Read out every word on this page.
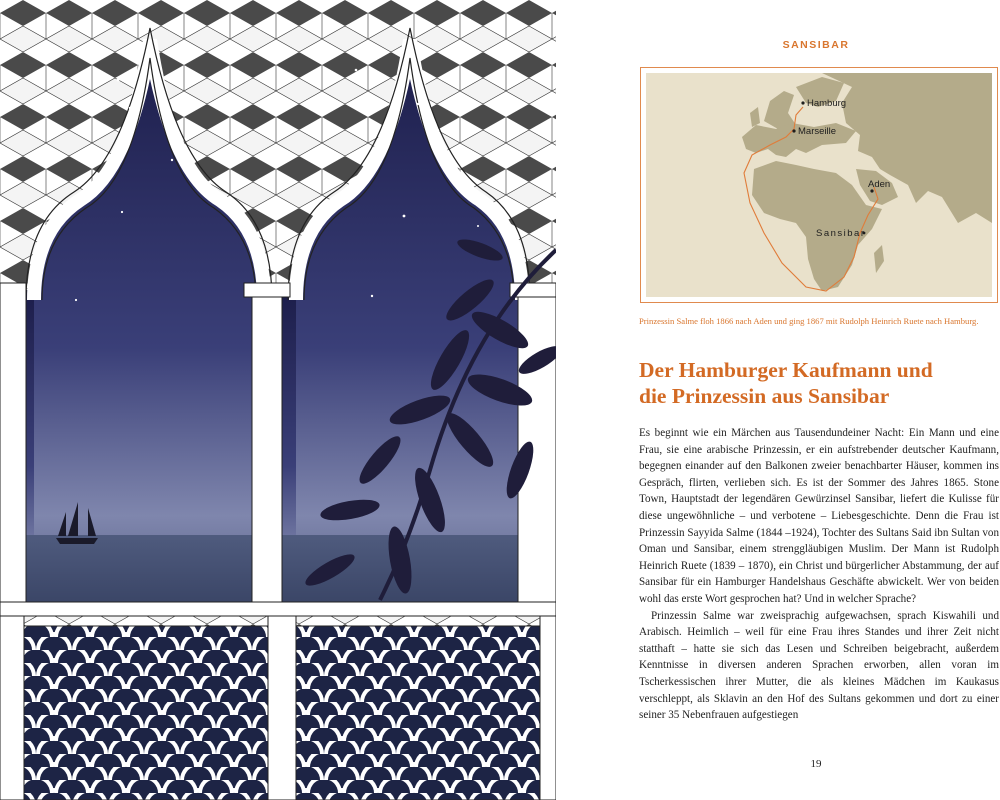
SANSIBAR
Hamburg
Marseille
Aden
Sansibar
Prinzessin Salme floh 1866 nach Aden und ging 1867 mit Rudolph Heinrich Ruete nach Hamburg.
Der Hamburger Kaufmann und
die Prinzessin aus Sansibar

Es beginnt wie ein Märchen aus Tausendundeiner Nacht: Ein Mann und eine Frau, sie eine arabische Prinzessin, er ein aufstrebender deutscher Kaufmann, begegnen einander auf den Balkonen zweier benachbarter Häuser, kommen ins Gespräch, flirten, verlieben sich. Es ist der Sommer des Jahres 1865. Stone Town, Hauptstadt der legendären Gewürzinsel Sansibar, liefert die Kulisse für diese ungewöhnliche – und verbotene – Liebesgeschichte. Denn die Frau ist Prinzessin Sayyida Salme (1844 –1924), Tochter des Sultans Said ibn Sultan von Oman und Sansibar, einem strenggläubigen Muslim. Der Mann ist Rudolph Heinrich Ruete (1839 – 1870), ein Christ und bürgerlicher Abstammung, der auf Sansibar für ein Hamburger Handelshaus Geschäfte abwickelt. Wer von beiden wohl das erste Wort gesprochen hat? Und in welcher Sprache?

Prinzessin Salme war zweisprachig aufgewachsen, sprach Kiswahili und Arabisch. Heimlich – weil für eine Frau ihres Standes und ihrer Zeit nicht statthaft – hatte sie sich das Lesen und Schreiben beigebracht, außerdem Kenntnisse in diversen anderen Sprachen erworben, allen voran im Tscherkessischen ihrer Mutter, die als kleines Mädchen im Kaukasus verschleppt, als Sklavin an den Hof des Sultans gekommen und dort zu einer seiner 35 Nebenfrauen aufgestiegen

19
